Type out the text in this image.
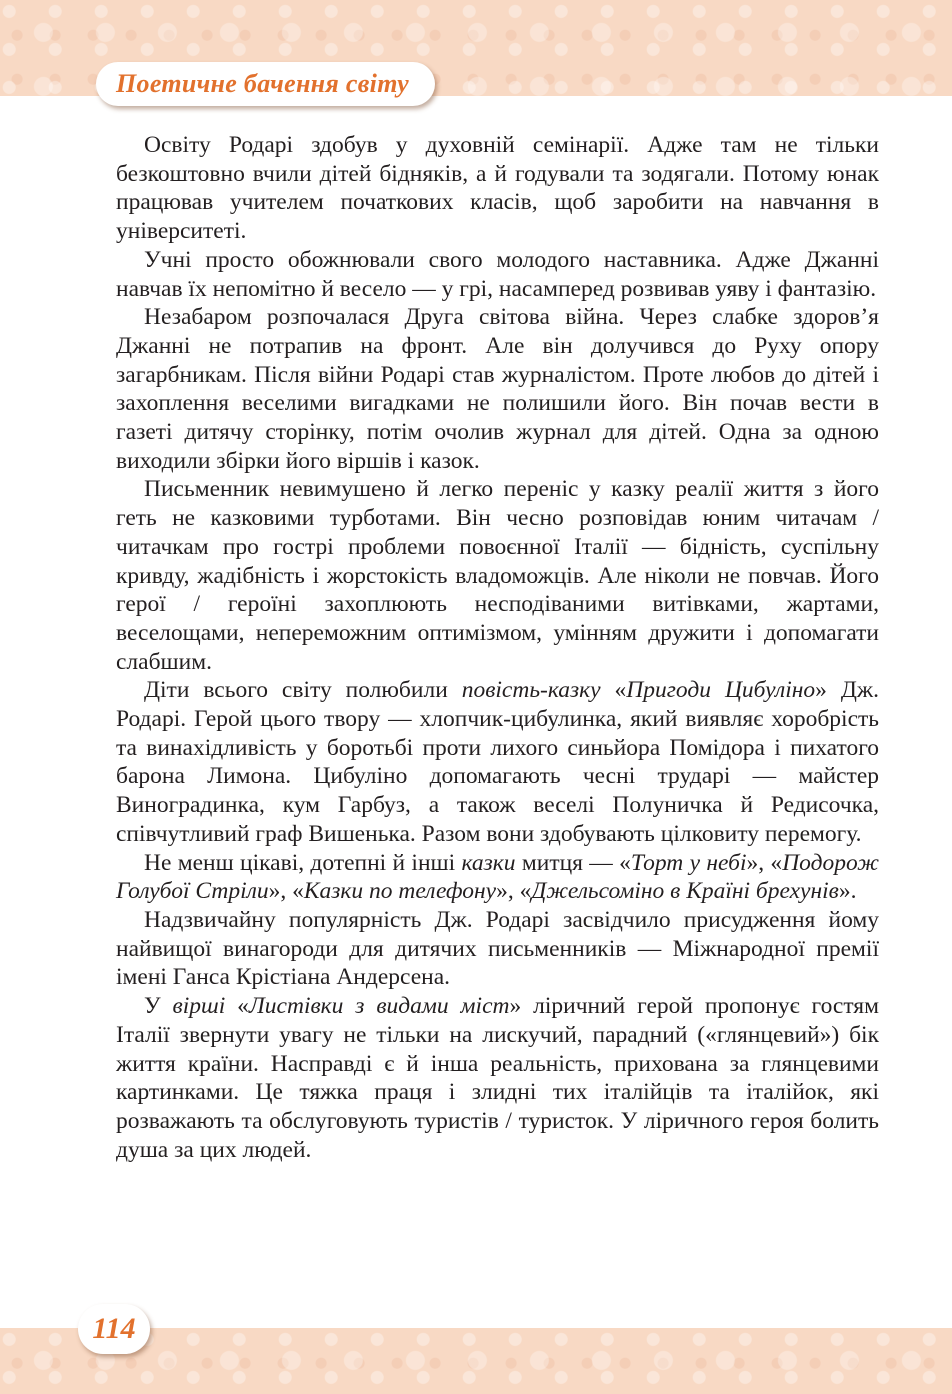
Поетичне бачення світу

Освіту Родарі здобув у духовній семінарії. Адже там не тільки безкоштовно вчили дітей бідняків, а й годували та зодягали. Потому юнак працював учителем початкових класів, щоб заробити на навчання в університеті.

Учні просто обожнювали свого молодого наставника. Адже Джанні навчав їх непомітно й весело — у грі, насамперед розвивав уяву і фантазію.

Незабаром розпочалася Друга світова війна. Через слабке здоров’я Джанні не потрапив на фронт. Але він долучився до Руху опору загарбникам. Після війни Родарі став журналістом. Проте любов до дітей і захоплення веселими вигадками не полишили його. Він почав вести в газеті дитячу сторінку, потім очолив журнал для дітей. Одна за одною виходили збірки його віршів і казок.

Письменник невимушено й легко переніс у казку реалії життя з його геть не казковими турботами. Він чесно розповідав юним читачам / читачкам про гострі проблеми повоєнної Італії — бідність, суспільну кривду, жадібність і жорстокість владоможців. Але ніколи не повчав. Його герої / героїні захоплюють несподіваними витівками, жартами, веселощами, непереможним оптимізмом, умінням дружити і допомагати слабшим.

Діти всього світу полюбили повість-казку «Пригоди Цибуліно» Дж. Родарі. Герой цього твору — хлопчик-цибулинка, який виявляє хоробрість та винахідливість у боротьбі проти лихого синьйора Помідора і пихатого барона Лимона. Цибуліно допомагають чесні трударі — майстер Виноградинка, кум Гарбуз, а також веселі Полуничка й Редисочка, співчутливий граф Вишенька. Разом вони здобувають цілковиту перемогу.

Не менш цікаві, дотепні й інші казки митця — «Торт у небі», «Подорож Голубої Стріли», «Казки по телефону», «Джельсоміно в Країні брехунів».

Надзвичайну популярність Дж. Родарі засвідчило присудження йому найвищої винагороди для дитячих письменників — Міжнародної премії імені Ганса Крістіана Андерсена.

У вірші «Листівки з видами міст» ліричний герой пропонує гостям Італії звернути увагу не тільки на лискучий, парадний («глянцевий») бік життя країни. Насправді є й інша реальність, прихована за глянцевими картинками. Це тяжка праця і злидні тих італійців та італійок, які розважають та обслуговують туристів / туристок. У ліричного героя болить душа за цих людей.

114
